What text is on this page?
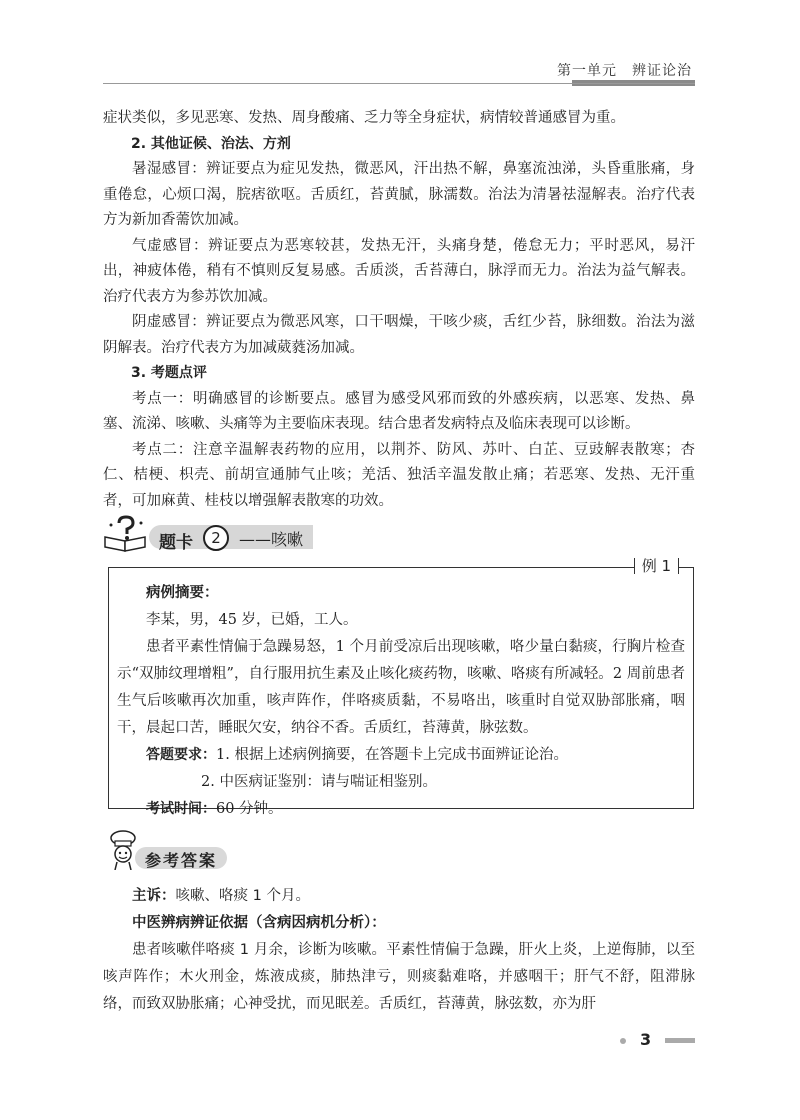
第一单元　辨证论治

症状类似，多见恶寒、发热、周身酸痛、乏力等全身症状，病情较普通感冒为重。

2. 其他证候、治法、方剂

暑湿感冒：辨证要点为症见发热，微恶风，汗出热不解，鼻塞流浊涕，头昏重胀痛，身重倦怠，心烦口渴，脘痞欲呕。舌质红，苔黄腻，脉濡数。治法为清暑祛湿解表。治疗代表方为新加香薷饮加减。

气虚感冒：辨证要点为恶寒较甚，发热无汗，头痛身楚，倦怠无力；平时恶风，易汗出，神疲体倦，稍有不慎则反复易感。舌质淡，舌苔薄白，脉浮而无力。治法为益气解表。治疗代表方为参苏饮加减。

阴虚感冒：辨证要点为微恶风寒，口干咽燥，干咳少痰，舌红少苔，脉细数。治法为滋阴解表。治疗代表方为加减葳蕤汤加减。

3. 考题点评

考点一：明确感冒的诊断要点。感冒为感受风邪而致的外感疾病，以恶寒、发热、鼻塞、流涕、咳嗽、头痛等为主要临床表现。结合患者发病特点及临床表现可以诊断。

考点二：注意辛温解表药物的应用，以荆芥、防风、苏叶、白芷、豆豉解表散寒；杏仁、桔梗、枳壳、前胡宣通肺气止咳；羌活、独活辛温发散止痛；若恶寒、发热、无汗重者，可加麻黄、桂枝以增强解表散寒的功效。

题卡	2	——咳嗽
例 1

病例摘要：

李某，男，45 岁，已婚，工人。

患者平素性情偏于急躁易怒，1 个月前受凉后出现咳嗽，咯少量白黏痰，行胸片检查示“双肺纹理增粗”，自行服用抗生素及止咳化痰药物，咳嗽、咯痰有所减轻。2 周前患者生气后咳嗽再次加重，咳声阵作，伴咯痰质黏，不易咯出，咳重时自觉双胁部胀痛，咽干，晨起口苦，睡眠欠安，纳谷不香。舌质红，苔薄黄，脉弦数。

答题要求：1. 根据上述病例摘要，在答题卡上完成书面辨证论治。

2. 中医病证鉴别：请与喘证相鉴别。

考试时间：60 分钟。

参考答案

主诉：咳嗽、咯痰 1 个月。

中医辨病辨证依据（含病因病机分析）：

患者咳嗽伴咯痰 1 月余，诊断为咳嗽。平素性情偏于急躁，肝火上炎，上逆侮肺，以至咳声阵作；木火刑金，炼液成痰，肺热津亏，则痰黏难咯，并感咽干；肝气不舒，阻滞脉络，而致双胁胀痛；心神受扰，而见眠差。舌质红，苔薄黄，脉弦数，亦为肝

3
